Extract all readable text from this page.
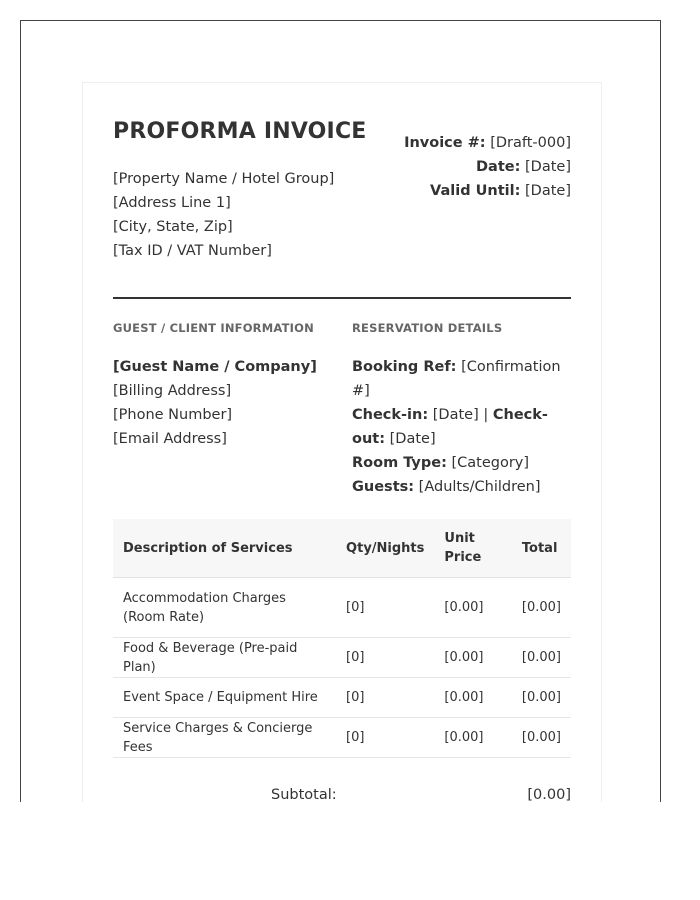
PROFORMA INVOICE
[Property Name / Hotel Group]
[Address Line 1]
[City, State, Zip]
[Tax ID / VAT Number]
Invoice #: [Draft-000]
Date: [Date]
Valid Until: [Date]
GUEST / CLIENT INFORMATION	RESERVATION DETAILS
[Guest Name / Company]
[Billing Address]
[Phone Number]
[Email Address]
Booking Ref: [Confirmation #]
Check-in: [Date] | Check-out: [Date]
Room Type: [Category]
Guests: [Adults/Children]
Description of Services	Qty/Nights	Unit Price	Total
Accommodation Charges (Room Rate)	[0]	[0.00]	[0.00]
Food & Beverage (Pre-paid Plan)	[0]	[0.00]	[0.00]
Event Space / Equipment Hire	[0]	[0.00]	[0.00]
Service Charges & Concierge Fees	[0]	[0.00]	[0.00]
Subtotal:	[0.00]
